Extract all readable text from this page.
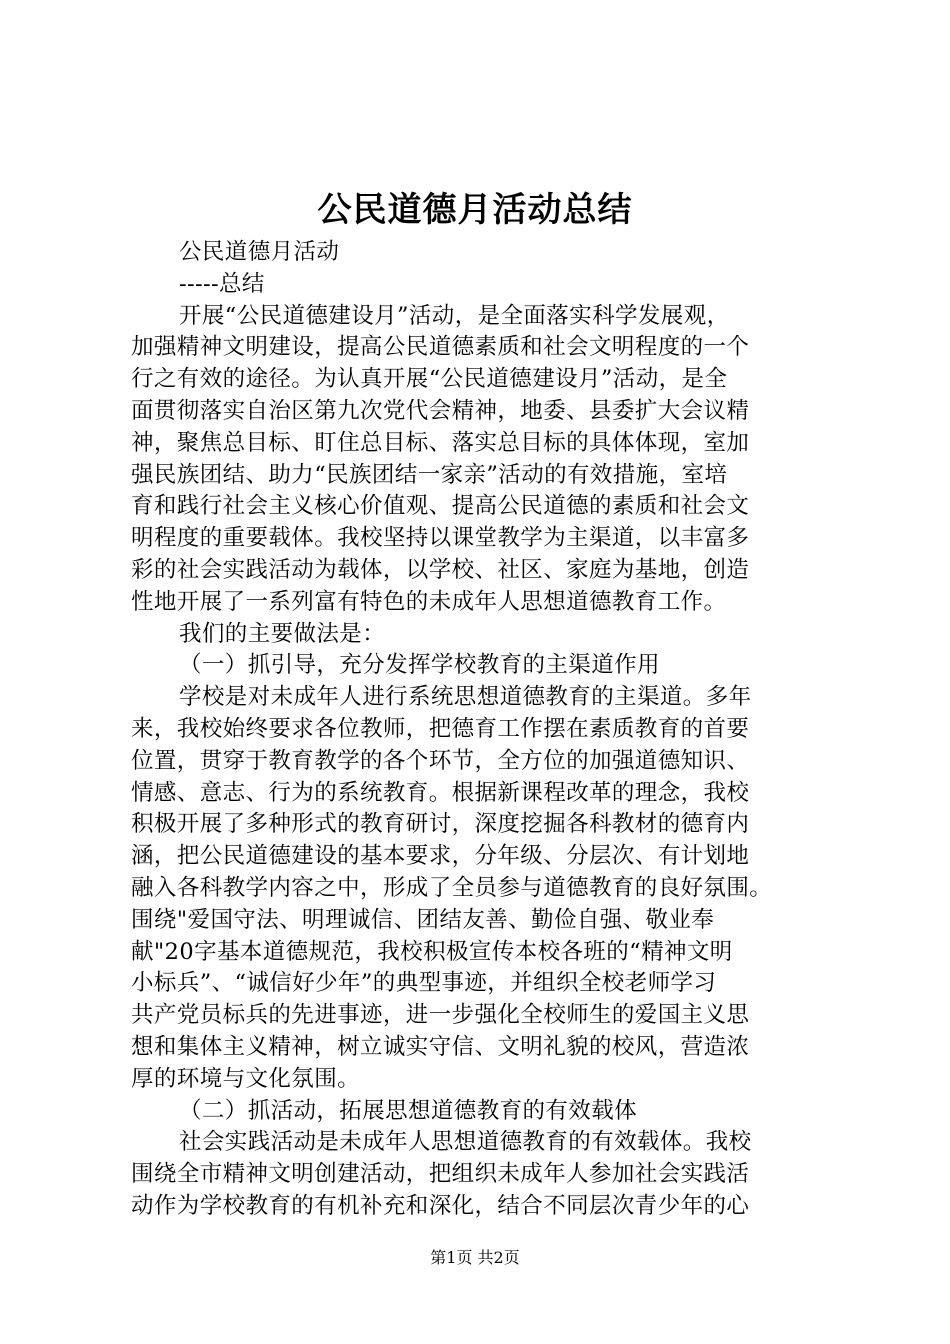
公民道德月活动总结
公民道德月活动
-----总结
开展“公民道德建设月”活动，是全面落实科学发展观，
加强精神文明建设，提高公民道德素质和社会文明程度的一个
行之有效的途径。为认真开展“公民道德建设月”活动，是全
面贯彻落实自治区第九次党代会精神，地委、县委扩大会议精
神，聚焦总目标、盯住总目标、落实总目标的具体体现，室加
强民族团结、助力“民族团结一家亲”活动的有效措施，室培
育和践行社会主义核心价值观、提高公民道德的素质和社会文
明程度的重要载体。我校坚持以课堂教学为主渠道，以丰富多
彩的社会实践活动为载体，以学校、社区、家庭为基地，创造
性地开展了一系列富有特色的未成年人思想道德教育工作。
我们的主要做法是：
（一）抓引导，充分发挥学校教育的主渠道作用
学校是对未成年人进行系统思想道德教育的主渠道。多年
来，我校始终要求各位教师，把德育工作摆在素质教育的首要
位置，贯穿于教育教学的各个环节，全方位的加强道德知识、
情感、意志、行为的系统教育。根据新课程改革的理念，我校
积极开展了多种形式的教育研讨，深度挖掘各科教材的德育内
涵，把公民道德建设的基本要求，分年级、分层次、有计划地
融入各科教学内容之中，形成了全员参与道德教育的良好氛围。
围绕"爱国守法、明理诚信、团结友善、勤俭自强、敬业奉
献"20字基本道德规范，我校积极宣传本校各班的“精神文明
小标兵”、“诚信好少年”的典型事迹，并组织全校老师学习
共产党员标兵的先进事迹，进一步强化全校师生的爱国主义思
想和集体主义精神，树立诚实守信、文明礼貌的校风，营造浓
厚的环境与文化氛围。
（二）抓活动，拓展思想道德教育的有效载体
社会实践活动是未成年人思想道德教育的有效载体。我校
围绕全市精神文明创建活动，把组织未成年人参加社会实践活
动作为学校教育的有机补充和深化，结合不同层次青少年的心
第1页 共2页
